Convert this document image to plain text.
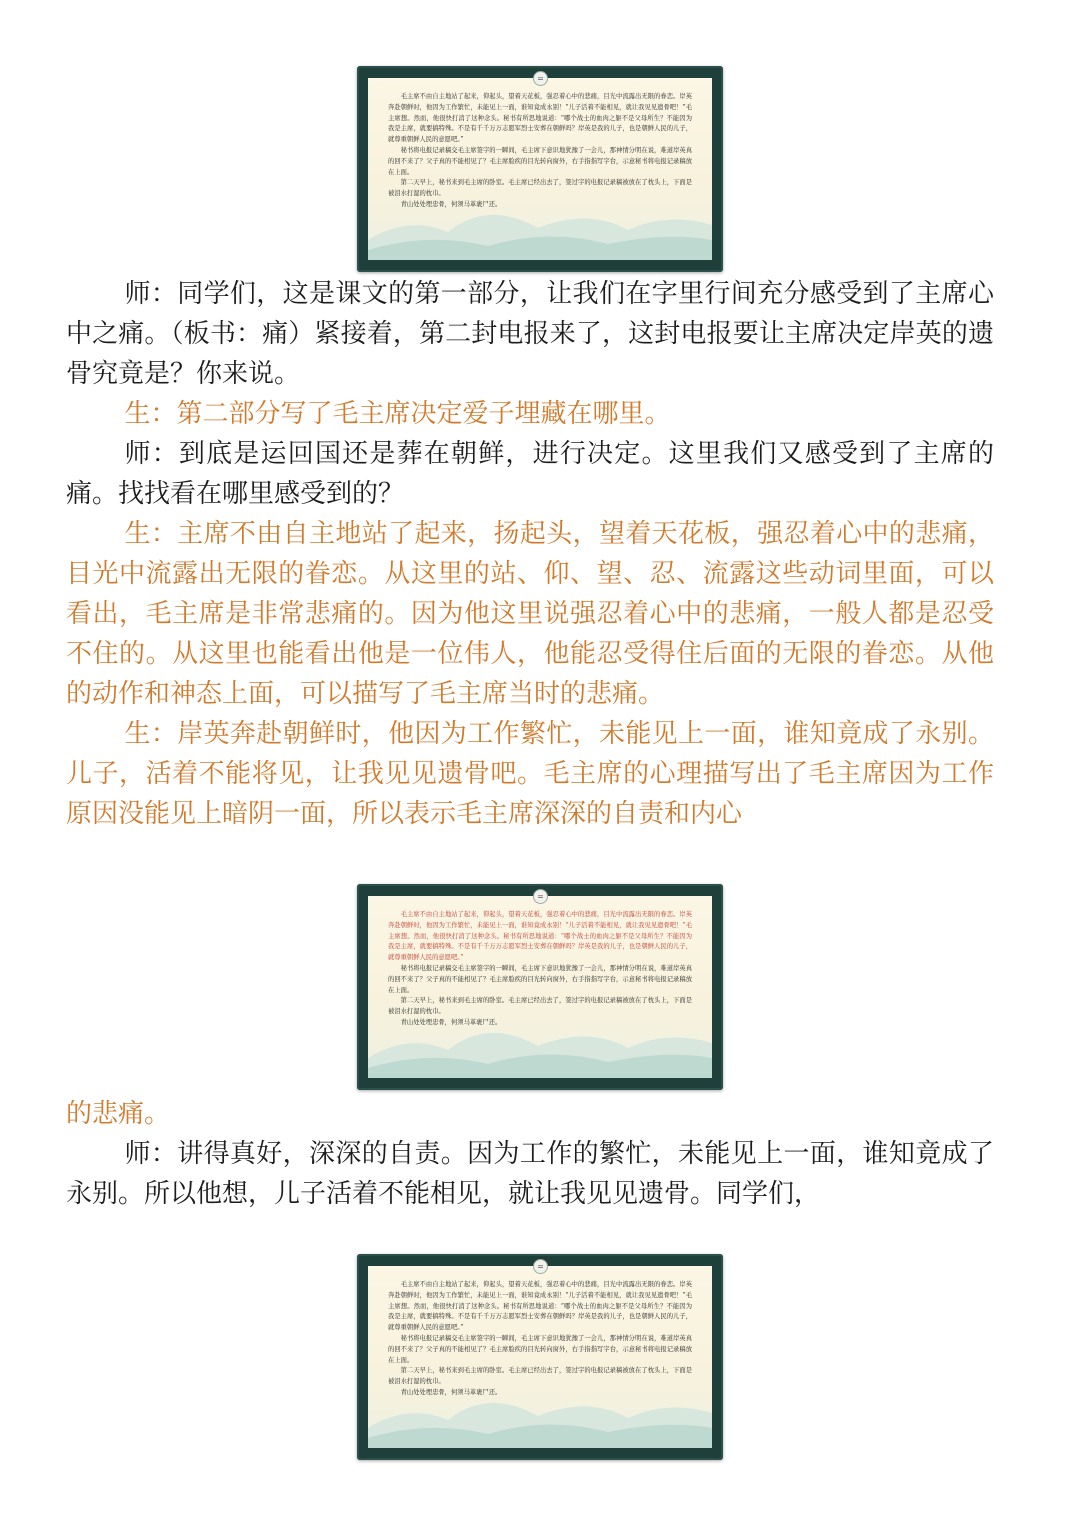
毛主席不由自主地站了起来，仰起头，望着天花板，强忍着心中的悲痛，目光中流露出无限的眷恋。岸英奔赴朝鲜时，他因为工作繁忙，未能见上一面，谁知竟成永别！“儿子活着不能相见，就让我见见遗骨吧！”毛主席想。然而，他很快打消了这种念头。秘书有所思地说道：“哪个战士的血肉之躯不是父母所生？不能因为我是主席，就要搞特殊。不是有千千万万志愿军烈士安葬在朝鲜吗？岸英是我的儿子，也是朝鲜人民的儿子，就尊重朝鲜人民的意愿吧。”

秘书将电报记录稿交毛主席签字的一瞬间，毛主席下意识地犹豫了一会儿，那神情分明在说，难道岸英真的回不来了？父子真的不能相见了？毛主席脸疾的目光转向窗外，右手指指写字台，示意秘书将电报记录稿放在上面。

第二天早上，秘书来到毛主席的卧室。毛主席已经出去了，签过字的电报记录稿被放在了枕头上，下面是被泪水打湿的枕巾。

青山处处埋忠骨，何须马革裹尸还。

=

师：同学们，这是课文的第一部分，让我们在字里行间充分感受到了主席心中之痛。（板书：痛）紧接着，第二封电报来了，这封电报要让主席决定岸英的遗骨究竟是？你来说。

生：第二部分写了毛主席决定爱子埋藏在哪里。

师：到底是运回国还是葬在朝鲜，进行决定。这里我们又感受到了主席的痛。找找看在哪里感受到的？

生：主席不由自主地站了起来，扬起头，望着天花板，强忍着心中的悲痛，目光中流露出无限的眷恋。从这里的站、仰、望、忍、流露这些动词里面，可以看出，毛主席是非常悲痛的。因为他这里说强忍着心中的悲痛，一般人都是忍受不住的。从这里也能看出他是一位伟人，他能忍受得住后面的无限的眷恋。从他的动作和神态上面，可以描写了毛主席当时的悲痛。

生：岸英奔赴朝鲜时，他因为工作繁忙，未能见上一面，谁知竟成了永别。儿子，活着不能将见，让我见见遗骨吧。毛主席的心理描写出了毛主席因为工作原因没能见上暗阴一面，所以表示毛主席深深的自责和内心

毛主席不由自主地站了起来，仰起头，望着天花板，强忍着心中的悲痛，目光中流露出无限的眷恋。岸英奔赴朝鲜时，他因为工作繁忙，未能见上一面，谁知竟成永别！“儿子活着不能相见，就让我见见遗骨吧！”毛主席想。然而，他很快打消了这种念头。秘书有所思地说道：“哪个战士的血肉之躯不是父母所生？不能因为我是主席，就要搞特殊。不是有千千万万志愿军烈士安葬在朝鲜吗？岸英是我的儿子，也是朝鲜人民的儿子，就尊重朝鲜人民的意愿吧。”

秘书将电报记录稿交毛主席签字的一瞬间，毛主席下意识地犹豫了一会儿，那神情分明在说，难道岸英真的回不来了？父子真的不能相见了？毛主席脸疾的目光转向窗外，右手指指写字台，示意秘书将电报记录稿放在上面。

第二天早上，秘书来到毛主席的卧室。毛主席已经出去了，签过字的电报记录稿被放在了枕头上，下面是被泪水打湿的枕巾。

青山处处埋忠骨，何须马革裹尸还。

=

的悲痛。

师：讲得真好，深深的自责。因为工作的繁忙，未能见上一面，谁知竟成了永别。所以他想，儿子活着不能相见，就让我见见遗骨。同学们，

毛主席不由自主地站了起来，仰起头，望着天花板，强忍着心中的悲痛，目光中流露出无限的眷恋。岸英奔赴朝鲜时，他因为工作繁忙，未能见上一面，谁知竟成永别！“儿子活着不能相见，就让我见见遗骨吧！”毛主席想。然而，他很快打消了这种念头。秘书有所思地说道：“哪个战士的血肉之躯不是父母所生？不能因为我是主席，就要搞特殊。不是有千千万万志愿军烈士安葬在朝鲜吗？岸英是我的儿子，也是朝鲜人民的儿子，就尊重朝鲜人民的意愿吧。”

秘书将电报记录稿交毛主席签字的一瞬间，毛主席下意识地犹豫了一会儿，那神情分明在说，难道岸英真的回不来了？父子真的不能相见了？毛主席脸疾的目光转向窗外，右手指指写字台，示意秘书将电报记录稿放在上面。

第二天早上，秘书来到毛主席的卧室。毛主席已经出去了，签过字的电报记录稿被放在了枕头上，下面是被泪水打湿的枕巾。

青山处处埋忠骨，何须马革裹尸还。

=
